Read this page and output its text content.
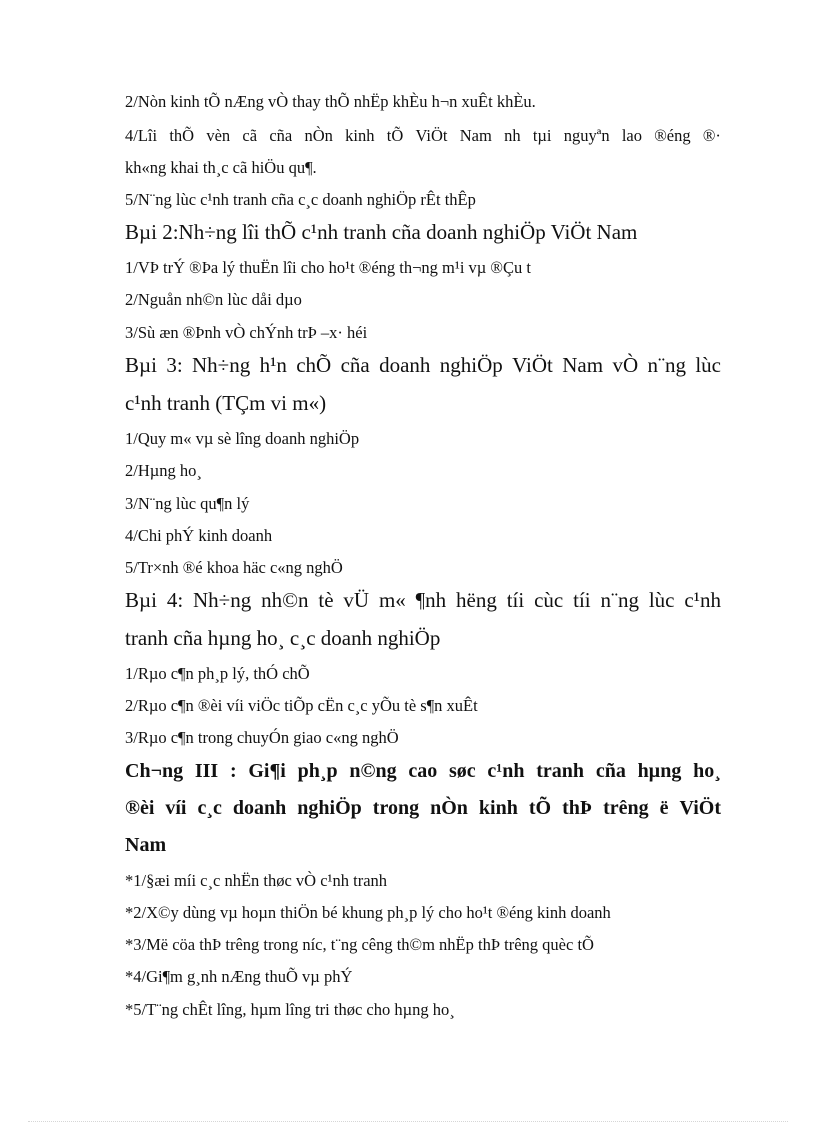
2/Nòn kinh tÕ nÆng vÒ thay thÕ nhËp khÈu h¬n xuÊt khÈu.
4/Lîi thÕ vèn cã cña nÒn kinh tÕ ViÖt Nam nh tµi nguyªn lao ®éng ®·
kh«ng khai th¸c cã hiÖu qu¶.
5/N¨ng lùc c¹nh tranh cña c¸c doanh nghiÖp rÊt thÊp
Bµi 2:Nh÷ng lîi thÕ c¹nh tranh cña doanh nghiÖp ViÖt Nam
1/VÞ trÝ ®Þa lý thuËn lîi cho ho¹t ®éng th¬ng m¹i vµ ®Çu t
2/Nguån nh©n lùc dåi dµo
3/Sù æn ®Þnh vÒ chÝnh trÞ –x· héi
Bµi 3: Nh÷ng h¹n chÕ cña doanh nghiÖp ViÖt Nam vÒ n¨ng lùc
c¹nh tranh (TÇm vi m«)
1/Quy m« vµ sè lîng doanh nghiÖp
2/Hµng ho¸
3/N¨ng lùc qu¶n lý
4/Chi phÝ kinh doanh
5/Tr×nh ®é khoa häc c«ng nghÖ
Bµi 4: Nh÷ng nh©n tè vÜ m« ¶nh hëng tíi cùc tíi n¨ng lùc c¹nh
tranh cña hµng ho¸ c¸c doanh nghiÖp
1/Rµo c¶n ph¸p lý, thÓ chÕ
2/Rµo c¶n ®èi víi viÖc tiÕp cËn c¸c yÕu tè s¶n xuÊt
3/Rµo c¶n trong chuyÓn giao c«ng nghÖ
Ch¬ng III : Gi¶i ph¸p n©ng cao søc c¹nh tranh cña hµng ho¸
®èi víi c¸c doanh nghiÖp trong nÒn kinh tÕ thÞ trêng ë ViÖt
Nam
*1/§æi míi c¸c nhËn thøc vÒ c¹nh tranh
*2/X©y dùng vµ hoµn thiÖn bé khung ph¸p lý cho ho¹t ®éng kinh doanh
*3/Më cöa thÞ trêng trong níc, t¨ng cêng th©m nhËp thÞ trêng quèc tÕ
*4/Gi¶m g¸nh nÆng thuÕ vµ phÝ
*5/T¨ng chÊt lîng, hµm lîng tri thøc cho hµng ho¸
